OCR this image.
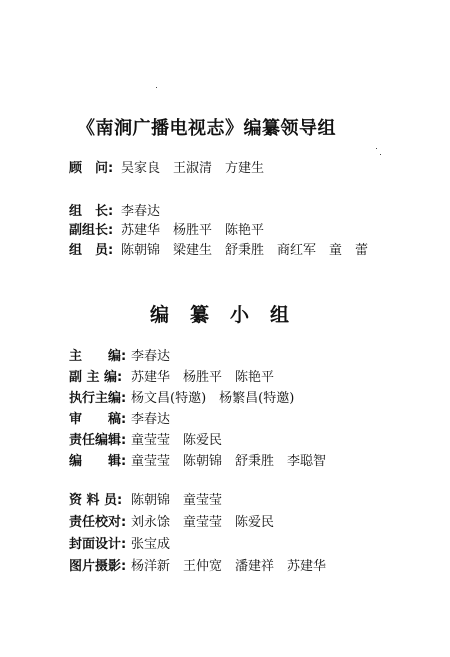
《南涧广播电视志》编纂领导组
顾　问: 吴家良　王淑清　方建生
组　长: 李春达
副组长: 苏建华　杨胜平　陈艳平
组　员: 陈朝锦　梁建生　舒秉胜　商红军　童　蕾
编　纂　小　组
主　　编: 李春达
副 主 编: 苏建华　杨胜平　陈艳平
执行主编: 杨文昌(特邀)　杨繁昌(特邀)
审　　稿: 李春达
责任编辑: 童莹莹　陈爱民
编　　辑: 童莹莹　陈朝锦　舒秉胜　李聪智
资 料 员: 陈朝锦　童莹莹
责任校对: 刘永馀　童莹莹　陈爱民
封面设计: 张宝成
图片摄影: 杨洋新　王仲宽　潘建祥　苏建华
